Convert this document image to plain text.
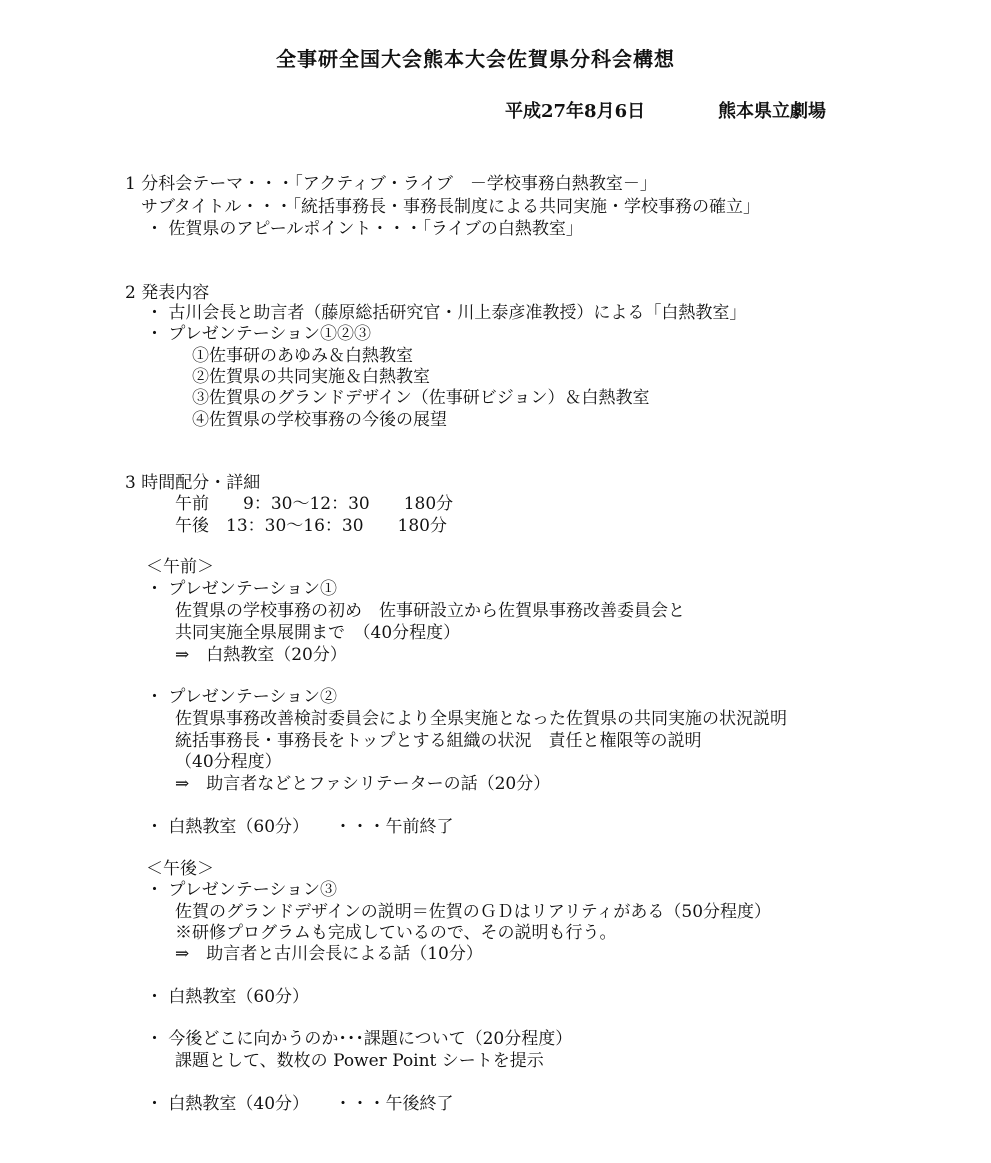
全事研全国大会熊本大会佐賀県分科会構想
平成27年8月6日	熊本県立劇場
1 分科会テーマ・・・「アクティブ・ライブ　－学校事務白熱教室－」
サブタイトル・・・「統括事務長・事務長制度による共同実施・学校事務の確立」
・ 佐賀県のアピールポイント・・・「ライブの白熱教室」
2 発表内容
・ 古川会長と助言者（藤原総括研究官・川上泰彦准教授）による「白熱教室」
・ プレゼンテーション①②③
①佐事研のあゆみ＆白熱教室
②佐賀県の共同実施＆白熱教室
③佐賀県のグランドデザイン（佐事研ビジョン）＆白熱教室
④佐賀県の学校事務の今後の展望
3 時間配分・詳細
午前　　9：30～12：30　　180分
午後　13：30～16：30　　180分
＜午前＞
・ プレゼンテーション①
佐賀県の学校事務の初め　佐事研設立から佐賀県事務改善委員会と
共同実施全県展開まで　（40分程度）
⇒　白熱教室（20分）
・ プレゼンテーション②
佐賀県事務改善検討委員会により全県実施となった佐賀県の共同実施の状況説明
統括事務長・事務長をトップとする組織の状況　責任と権限等の説明
（40分程度）
⇒　助言者などとファシリテーターの話（20分）
・ 白熱教室（60分）　　・・・午前終了
＜午後＞
・ プレゼンテーション③
佐賀のグランドデザインの説明＝佐賀のＧＤはリアリティがある（50分程度）
※研修プログラムも完成しているので、その説明も行う。
⇒　助言者と古川会長による話（10分）
・ 白熱教室（60分）
・ 今後どこに向かうのか･･･課題について（20分程度）
課題として、数枚の Power Point シートを提示
・ 白熱教室（40分）　　・・・午後終了
